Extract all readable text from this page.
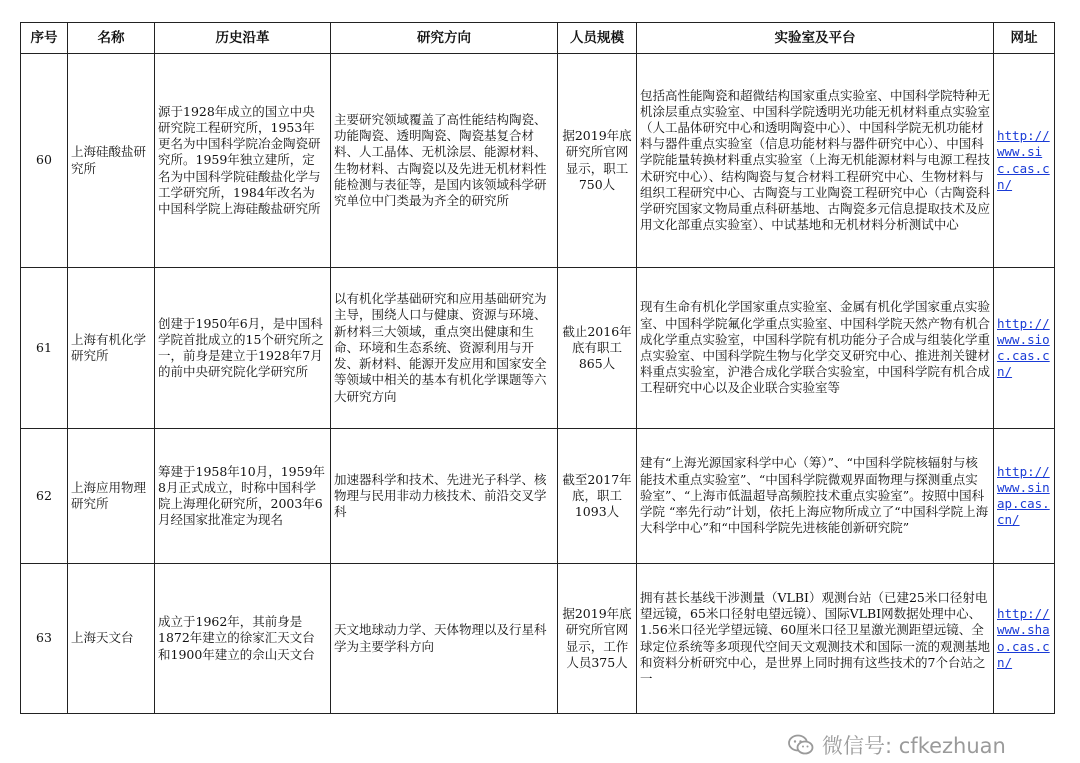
序号	名称	历史沿革	研究方向	人员规模	实验室及平台	网址
60	上海硅酸盐研究所	源于1928年成立的国立中央研究院工程研究所，1953年更名为中国科学院冶金陶瓷研究所。1959年独立建所，定名为中国科学院硅酸盐化学与工学研究所，1984年改名为中国科学院上海硅酸盐研究所	主要研究领域覆盖了高性能结构陶瓷、功能陶瓷、透明陶瓷、陶瓷基复合材料、人工晶体、无机涂层、能源材料、生物材料、古陶瓷以及先进无机材料性能检测与表征等，是国内该领域科学研究单位中门类最为齐全的研究所	据2019年底研究所官网显示，职工750人	包括高性能陶瓷和超微结构国家重点实验室、中国科学院特种无机涂层重点实验室、中国科学院透明光功能无机材料重点实验室（人工晶体研究中心和透明陶瓷中心）、中国科学院无机功能材料与器件重点实验室（信息功能材料与器件研究中心）、中国科学院能量转换材料重点实验室（上海无机能源材料与电源工程技术研究中心）、结构陶瓷与复合材料工程研究中心、生物材料与组织工程研究中心、古陶瓷与工业陶瓷工程研究中心（古陶瓷科学研究国家文物局重点科研基地、古陶瓷多元信息提取技术及应用文化部重点实验室）、中试基地和无机材料分析测试中心	http://www.sic.cas.cn/
61	上海有机化学研究所	创建于1950年6月，是中国科学院首批成立的15个研究所之一，前身是建立于1928年7月的前中央研究院化学研究所	以有机化学基础研究和应用基础研究为主导，围绕人口与健康、资源与环境、新材料三大领域，重点突出健康和生命、环境和生态系统、资源利用与开发、新材料、能源开发应用和国家安全等领域中相关的基本有机化学课题等六大研究方向	截止2016年底有职工865人	现有生命有机化学国家重点实验室、金属有机化学国家重点实验室、中国科学院氟化学重点实验室、中国科学院天然产物有机合成化学重点实验室，中国科学院有机功能分子合成与组装化学重点实验室、中国科学院生物与化学交叉研究中心、推进剂关键材料重点实验室，沪港合成化学联合实验室，中国科学院有机合成工程研究中心以及企业联合实验室等	http://www.sioc.cas.cn/
62	上海应用物理研究所	筹建于1958年10月，1959年8月正式成立，时称中国科学院上海理化研究所，2003年6月经国家批准定为现名	加速器科学和技术、先进光子科学、核物理与民用非动力核技术、前沿交叉学科	截至2017年底，职工1093人	建有“上海光源国家科学中心（筹）”、“中国科学院核辐射与核能技术重点实验室”、“中国科学院微观界面物理与探测重点实验室”、“上海市低温超导高频腔技术重点实验室”。按照中国科学院 “率先行动”计划，依托上海应物所成立了“中国科学院上海大科学中心”和“中国科学院先进核能创新研究院”	http://www.sinap.cas.cn/
63	上海天文台	成立于1962年，其前身是1872年建立的徐家汇天文台和1900年建立的佘山天文台	天文地球动力学、天体物理以及行星科学为主要学科方向	据2019年底研究所官网显示，工作人员375人	拥有甚长基线干涉测量（VLBI）观测台站（已建25米口径射电望远镜，65米口径射电望远镜）、国际VLBI网数据处理中心、1.56米口径光学望远镜、60厘米口径卫星激光测距望远镜、全球定位系统等多项现代空间天文观测技术和国际一流的观测基地和资料分析研究中心，是世界上同时拥有这些技术的7个台站之一	http://www.shao.cas.cn/
微信号: cfkezhuan
